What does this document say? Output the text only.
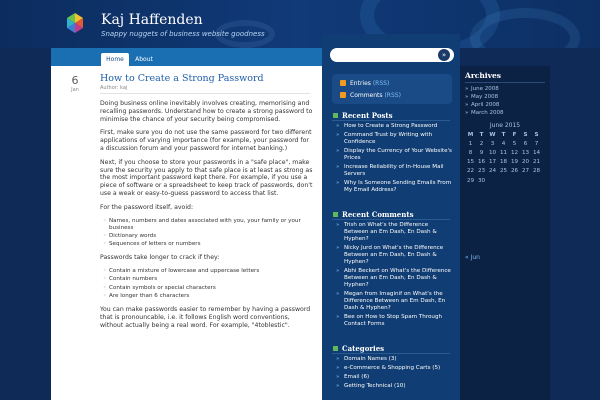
Kaj Haffenden
Snappy nuggets of business website goodness
Home	About
6
Jan
How to Create a Strong Password
Author: kaj

Doing business online inevitably involves creating, memorising and recalling passwords. Understand how to create a strong password to minimise the chance of your security being compromised.

First, make sure you do not use the same password for two different applications of varying importance (for example, your password for a discussion forum and your password for internet banking.)

Next, if you choose to store your passwords in a "safe place", make sure the security you apply to that safe place is at least as strong as the most important password kept there. For example, if you use a piece of software or a spreadsheet to keep track of passwords, don't use a weak or easy-to-guess password to access that list.

For the password itself, avoid:

◦ Names, numbers and dates associated with you, your family or your business
◦ Dictionary words
◦ Sequences of letters or numbers

Passwords take longer to crack if they:

◦ Contain a mixture of lowercase and uppercase letters
◦ Contain numbers
◦ Contain symbols or special characters
◦ Are longer than 6 characters

You can make passwords easier to remember by having a password that is pronouncable, i.e. it follows English word conventions, without actually being a real word. For example, "4toblestic".

»
Entries (RSS)
Comments (RSS)
Recent Posts
» How to Create a Strong Password
» Command Trust by Writing with Confidence
» Display the Currency of Your Website's Prices
» Increase Reliability of In-House Mail Servers
» Why Is Someone Sending Emails From My Email Address?
Recent Comments
» Trish on What's the Difference Between an Em Dash, En Dash & Hyphen?
» Nicky Jurd on What's the Difference Between an Em Dash, En Dash & Hyphen?
» Abhi Beckert on What's the Difference Between an Em Dash, En Dash & Hyphen?
» Megan from Imaginif on What's the Difference Between an Em Dash, En Dash & Hyphen?
» Bee on How to Stop Spam Through Contact Forms
Categories
» Domain Names (3)
» e-Commerce & Shopping Carts (5)
» Email (6)
» Getting Technical (10)
Archives
» June 2008
» May 2008
» April 2008
» March 2008
June 2015
M	T	W	T	F	S	S
1	2	3	4	5	6	7
8	9	10	11	12	13	14
15	16	17	18	19	20	21
22	23	24	25	26	27	28
29	30					
« Jun
